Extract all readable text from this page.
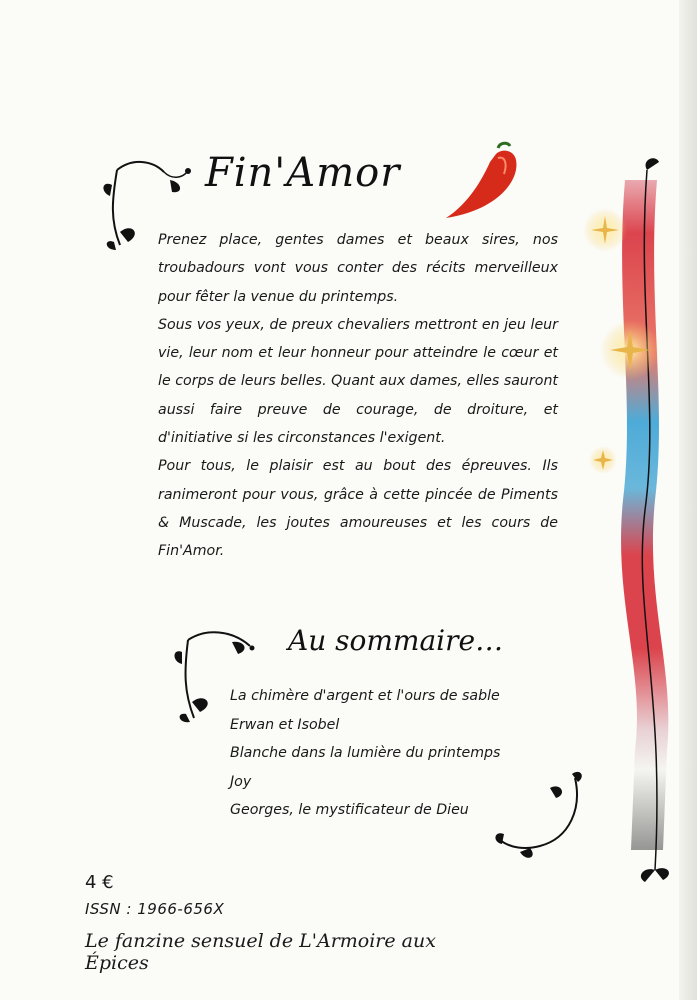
Fin'Amor

Prenez place, gentes dames et beaux sires, nos troubadours vont vous conter des récits merveilleux pour fêter la venue du printemps.

Sous vos yeux, de preux chevaliers mettront en jeu leur vie, leur nom et leur honneur pour atteindre le cœur et le corps de leurs belles. Quant aux dames, elles sauront aussi faire preuve de courage, de droiture, et d'initiative si les circonstances l'exigent.

Pour tous, le plaisir est au bout des épreuves. Ils ranimeront pour vous, grâce à cette pincée de Piments & Muscade, les joutes amoureuses et les cours de Fin'Amor.

Au sommaire…
La chimère d'argent et l'ours de sable
Erwan et Isobel
Blanche dans la lumière du printemps
Joy
Georges, le mystificateur de Dieu
4 €
ISSN : 1966-656X
Le fanzine sensuel de L'Armoire aux Épices
